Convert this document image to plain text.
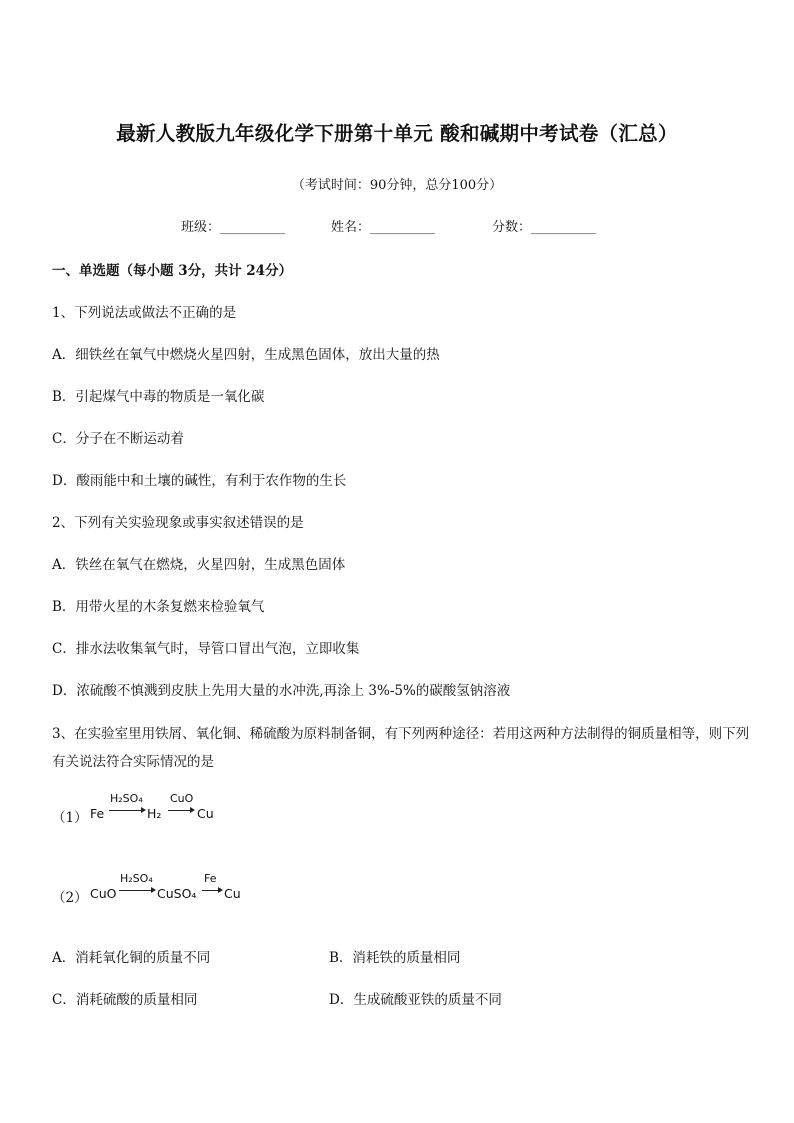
最新人教版九年级化学下册第十单元 酸和碱期中考试卷（汇总）
（考试时间：90分钟，总分100分）
班级：__________	姓名：__________	分数：__________
一、单选题（每小题 3分，共计 24分）
1、下列说法或做法不正确的是
A．细铁丝在氧气中燃烧火星四射，生成黑色固体，放出大量的热
B．引起煤气中毒的物质是一氧化碳
C．分子在不断运动着
D．酸雨能中和土壤的碱性，有利于农作物的生长
2、下列有关实验现象或事实叙述错误的是
A．铁丝在氧气在燃烧，火星四射，生成黑色固体
B．用带火星的木条复燃来检验氧气
C．排水法收集氧气时，导管口冒出气泡，立即收集
D．浓硫酸不慎溅到皮肤上先用大量的水冲洗,再涂上 3%-5%的碳酸氢钠溶液
3、在实验室里用铁屑、氧化铜、稀硫酸为原料制备铜，有下列两种途径：若用这两种方法制得的铜质量相等，则下列有关说法符合实际情况的是
（1） Fe
H₂SO₄
H₂
CuO
Cu
（2） CuO
H₂SO₄
CuSO₄
Fe
Cu
A．消耗氧化铜的质量不同	B．消耗铁的质量相同
C．消耗硫酸的质量相同	D．生成硫酸亚铁的质量不同
